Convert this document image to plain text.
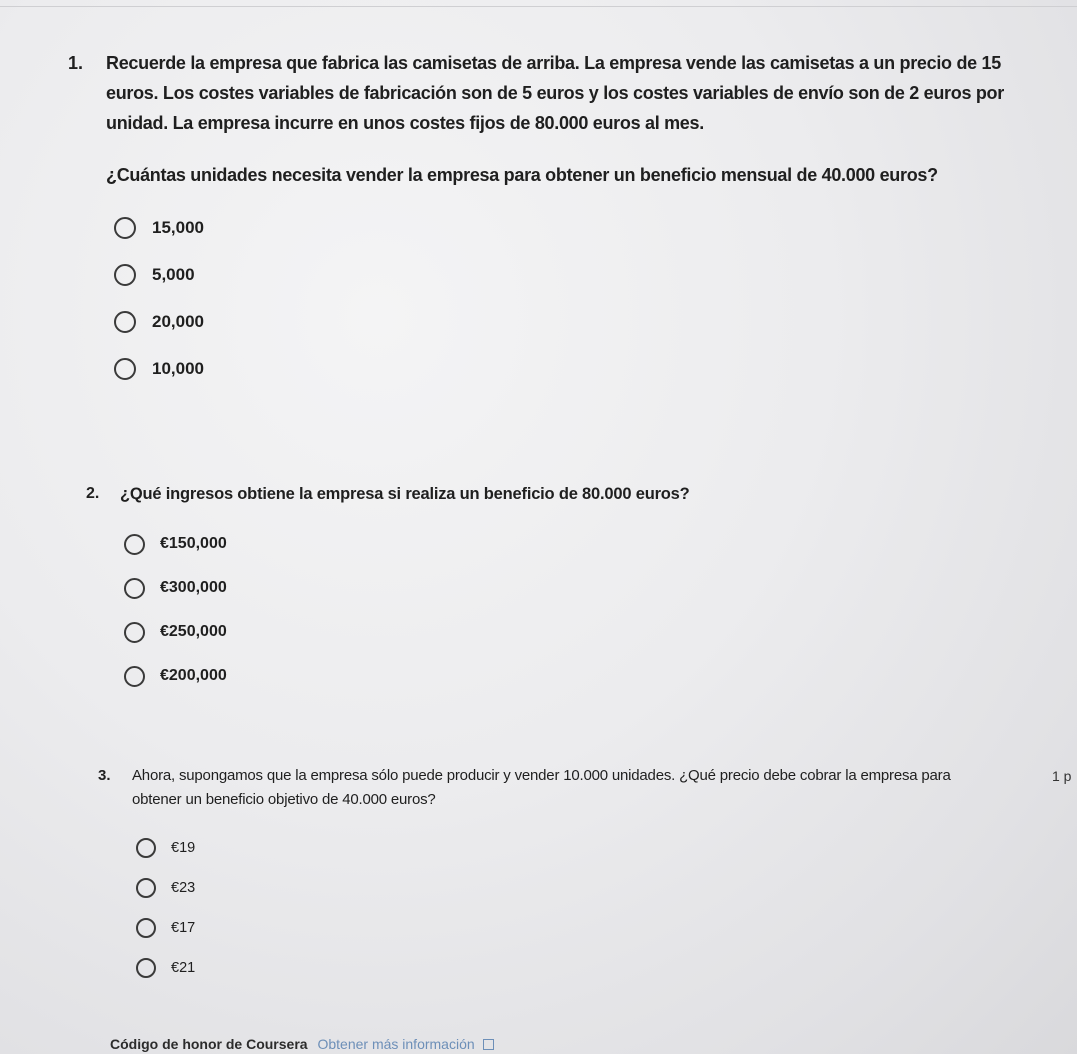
1.	Recuerde la empresa que fabrica las camisetas de arriba. La empresa vende las camisetas a un precio de 15 euros. Los costes variables de fabricación son de 5 euros y los costes variables de envío son de 2 euros por unidad. La empresa incurre en unos costes fijos de 80.000 euros al mes.
¿Cuántas unidades necesita vender la empresa para obtener un beneficio mensual de 40.000 euros?
15,000
5,000
20,000
10,000
2.	¿Qué ingresos obtiene la empresa si realiza un beneficio de 80.000 euros?
€150,000
€300,000
€250,000
€200,000
3.	Ahora, supongamos que la empresa sólo puede producir y vender 10.000 unidades. ¿Qué precio debe cobrar la empresa para obtener un beneficio objetivo de 40.000 euros?
€19
€23
€17
€21
1 p
Código de honor de Coursera Obtener más información
